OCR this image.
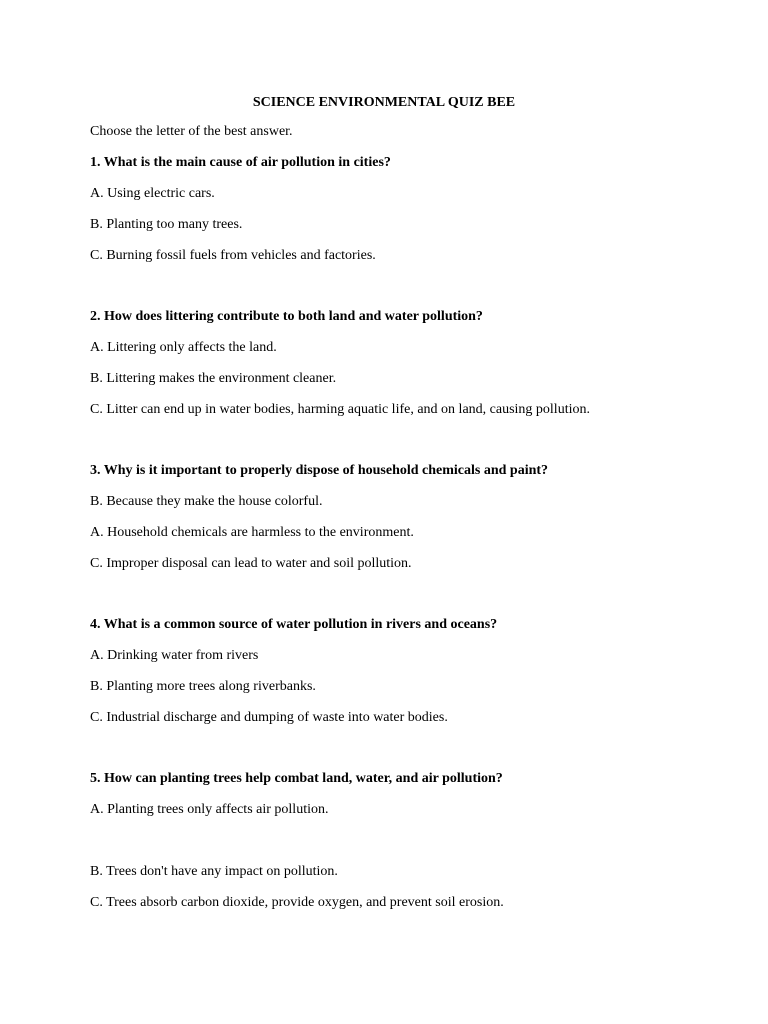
SCIENCE ENVIRONMENTAL QUIZ BEE
Choose the letter of the best answer.
1. What is the main cause of air pollution in cities?
A. Using electric cars.
B. Planting too many trees.
C. Burning fossil fuels from vehicles and factories.
2. How does littering contribute to both land and water pollution?
A. Littering only affects the land.
B. Littering makes the environment cleaner.
C. Litter can end up in water bodies, harming aquatic life, and on land, causing pollution.
3. Why is it important to properly dispose of household chemicals and paint?
B. Because they make the house colorful.
A. Household chemicals are harmless to the environment.
C. Improper disposal can lead to water and soil pollution.
4. What is a common source of water pollution in rivers and oceans?
A. Drinking water from rivers
B. Planting more trees along riverbanks.
C. Industrial discharge and dumping of waste into water bodies.
5. How can planting trees help combat land, water, and air pollution?
A. Planting trees only affects air pollution.
B. Trees don't have any impact on pollution.
C. Trees absorb carbon dioxide, provide oxygen, and prevent soil erosion.
